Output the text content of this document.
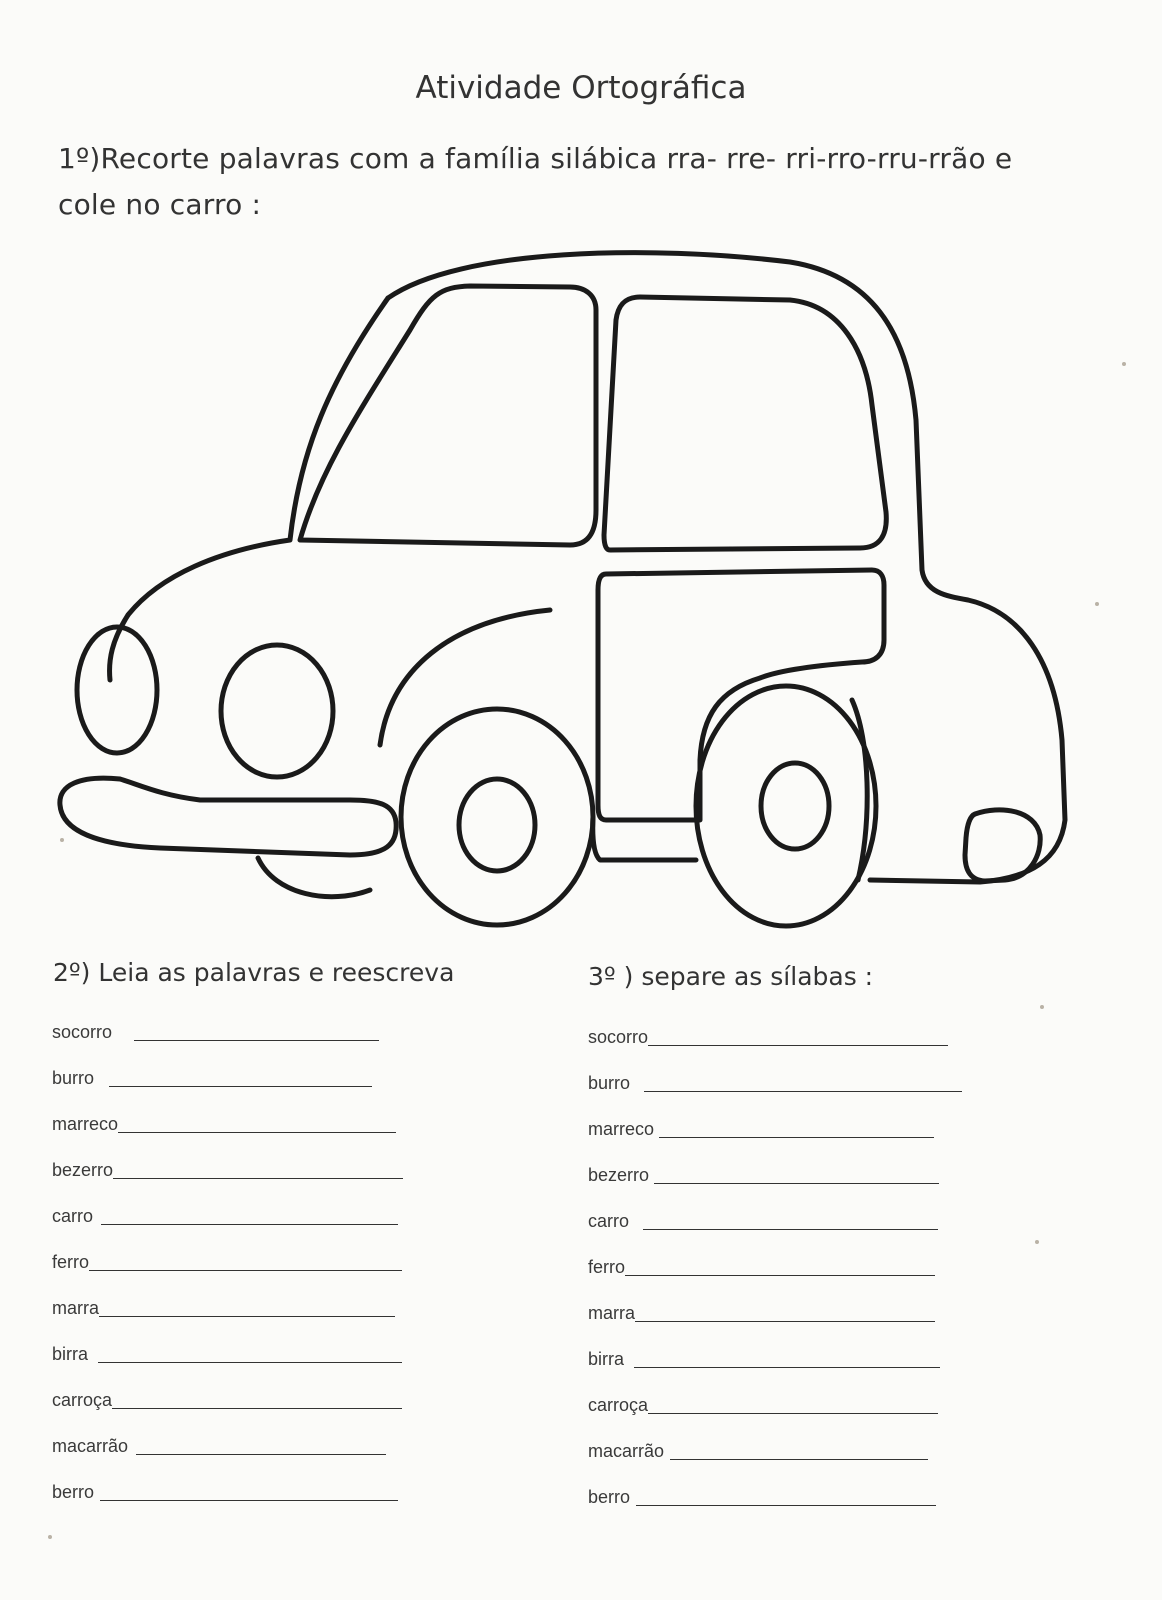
Atividade Ortográfica
1º)Recorte palavras com a família silábica rra- rre- rri-rro-rru-rrão e cole no carro :
2º) Leia as palavras e reescreva	3º ) separe as sílabas :
socorro
burro
marreco
bezerro
carro
ferro
marra
birra
carroça
macarrão
berro
socorro
burro
marreco
bezerro
carro
ferro
marra
birra
carroça
macarrão
berro
